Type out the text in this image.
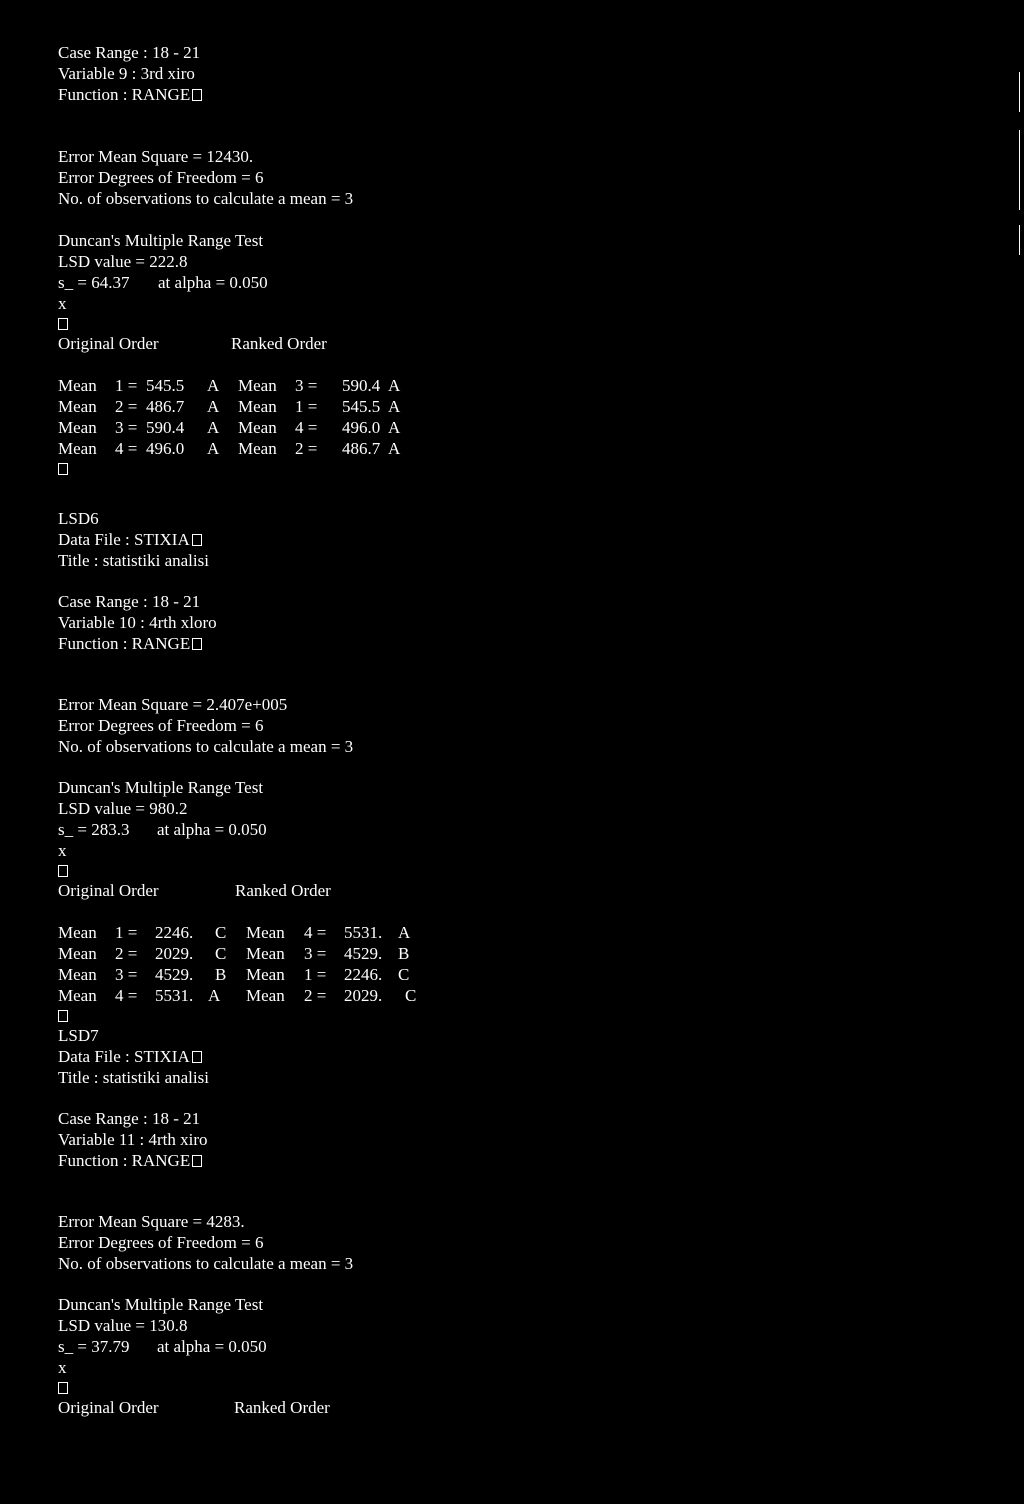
Case Range : 18 - 21
Variable 9 : 3rd xiro
Function : RANGE
Error Mean Square = 12430.
Error Degrees of Freedom = 6
No. of observations to calculate a mean = 3
Duncan's Multiple Range Test
LSD value = 222.8
s_ = 64.37 at alpha = 0.050
x
Original Order	Ranked Order
Mean 1 = 545.5 A Mean 3 = 590.4 A
Mean 2 = 486.7 A Mean 1 = 545.5 A
Mean 3 = 590.4 A Mean 4 = 496.0 A
Mean 4 = 496.0 A Mean 2 = 486.7 A
LSD6
Data File : STIXIA
Title : statistiki analisi
Case Range : 18 - 21
Variable 10 : 4rth xloro
Function : RANGE
Error Mean Square = 2.407e+005
Error Degrees of Freedom = 6
No. of observations to calculate a mean = 3
Duncan's Multiple Range Test
LSD value = 980.2
s_ = 283.3 at alpha = 0.050
x
Original Order	Ranked Order
Mean 1 = 2246. C Mean 4 = 5531. A
Mean 2 = 2029. C Mean 3 = 4529. B
Mean 3 = 4529. B Mean 1 = 2246. C
Mean 4 = 5531. A Mean 2 = 2029. C
LSD7
Data File : STIXIA
Title : statistiki analisi
Case Range : 18 - 21
Variable 11 : 4rth xiro
Function : RANGE
Error Mean Square = 4283.
Error Degrees of Freedom = 6
No. of observations to calculate a mean = 3
Duncan's Multiple Range Test
LSD value = 130.8
s_ = 37.79 at alpha = 0.050
x
Original Order	Ranked Order
